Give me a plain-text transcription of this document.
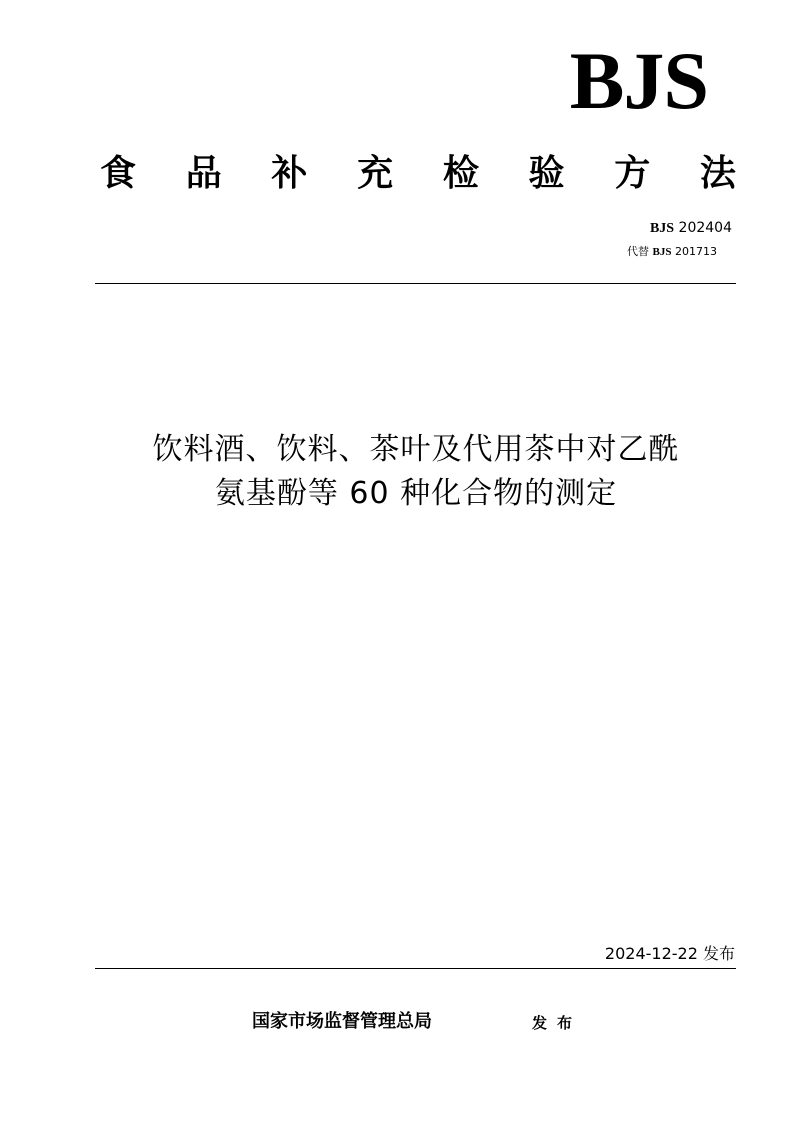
BJS
食 品 补 充 检 验 方 法
BJS 202404
代替 BJS 201713
饮料酒、饮料、茶叶及代用茶中对乙酰
氨基酚等 60 种化合物的测定
2024-12-22 发布
国家市场监督管理总局	发布
